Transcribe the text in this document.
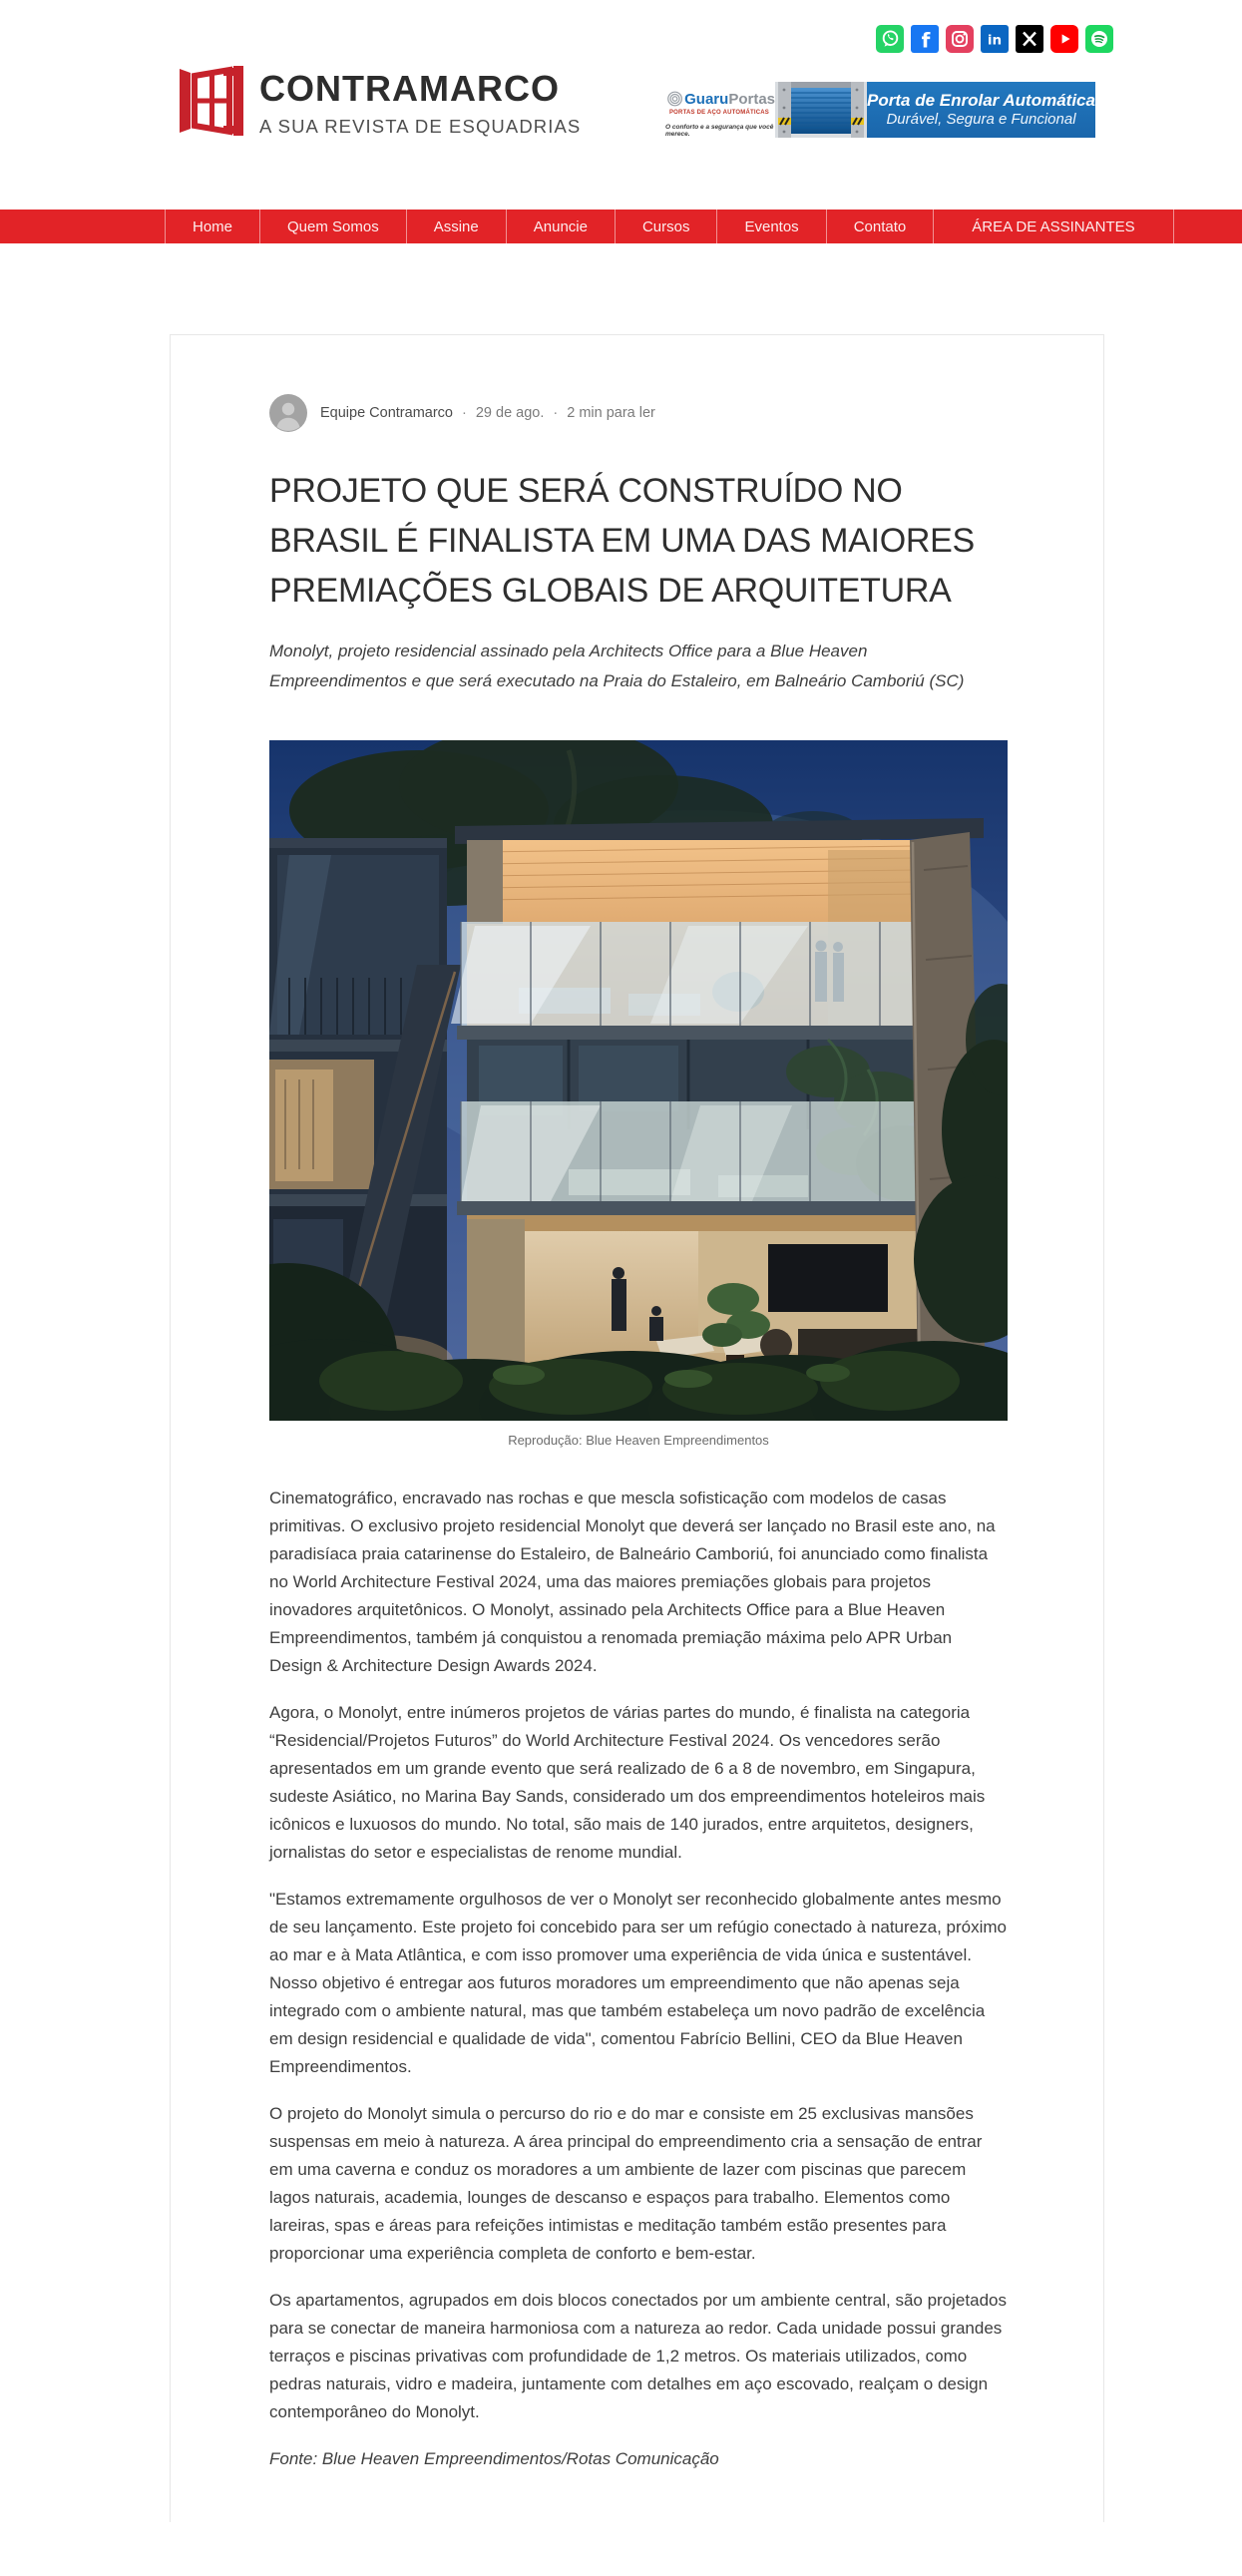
f	in
CONTRAMARCO
A SUA REVISTA DE ESQUADRIAS
Guaru Portas
PORTAS DE AÇO AUTOMÁTICAS
O conforto e a segurança que você merece.
Porta de Enrolar Automática
Durável, Segura e Funcional
Home	Quem Somos	Assine	Anuncie	Cursos	Eventos	Contato	ÁREA DE ASSINANTES
Equipe Contramarco · 29 de ago. · 2 min para ler
PROJETO QUE SERÁ CONSTRUÍDO NO BRASIL É FINALISTA EM UMA DAS MAIORES PREMIAÇÕES GLOBAIS DE ARQUITETURA
Monolyt, projeto residencial assinado pela Architects Office para a Blue Heaven Empreendimentos e que será executado na Praia do Estaleiro, em Balneário Camboriú (SC)
Reprodução: Blue Heaven Empreendimentos

Cinematográfico, encravado nas rochas e que mescla sofisticação com modelos de casas primitivas. O exclusivo projeto residencial Monolyt que deverá ser lançado no Brasil este ano, na paradisíaca praia catarinense do Estaleiro, de Balneário Camboriú, foi anunciado como finalista no World Architecture Festival 2024, uma das maiores premiações globais para projetos inovadores arquitetônicos. O Monolyt, assinado pela Architects Office para a Blue Heaven Empreendimentos, também já conquistou a renomada premiação máxima pelo APR Urban Design & Architecture Design Awards 2024.

Agora, o Monolyt, entre inúmeros projetos de várias partes do mundo, é finalista na categoria “Residencial/Projetos Futuros” do World Architecture Festival 2024. Os vencedores serão apresentados em um grande evento que será realizado de 6 a 8 de novembro, em Singapura, sudeste Asiático, no Marina Bay Sands, considerado um dos empreendimentos hoteleiros mais icônicos e luxuosos do mundo. No total, são mais de 140 jurados, entre arquitetos, designers, jornalistas do setor e especialistas de renome mundial.

"Estamos extremamente orgulhosos de ver o Monolyt ser reconhecido globalmente antes mesmo de seu lançamento. Este projeto foi concebido para ser um refúgio conectado à natureza, próximo ao mar e à Mata Atlântica, e com isso promover uma experiência de vida única e sustentável. Nosso objetivo é entregar aos futuros moradores um empreendimento que não apenas seja integrado com o ambiente natural, mas que também estabeleça um novo padrão de excelência em design residencial e qualidade de vida", comentou Fabrício Bellini, CEO da Blue Heaven Empreendimentos.

O projeto do Monolyt simula o percurso do rio e do mar e consiste em 25 exclusivas mansões suspensas em meio à natureza. A área principal do empreendimento cria a sensação de entrar em uma caverna e conduz os moradores a um ambiente de lazer com piscinas que parecem lagos naturais, academia, lounges de descanso e espaços para trabalho. Elementos como lareiras, spas e áreas para refeições intimistas e meditação também estão presentes para proporcionar uma experiência completa de conforto e bem-estar.

Os apartamentos, agrupados em dois blocos conectados por um ambiente central, são projetados para se conectar de maneira harmoniosa com a natureza ao redor. Cada unidade possui grandes terraços e piscinas privativas com profundidade de 1,2 metros. Os materiais utilizados, como pedras naturais, vidro e madeira, juntamente com detalhes em aço escovado, realçam o design contemporâneo do Monolyt.

Fonte: Blue Heaven Empreendimentos/Rotas Comunicação
